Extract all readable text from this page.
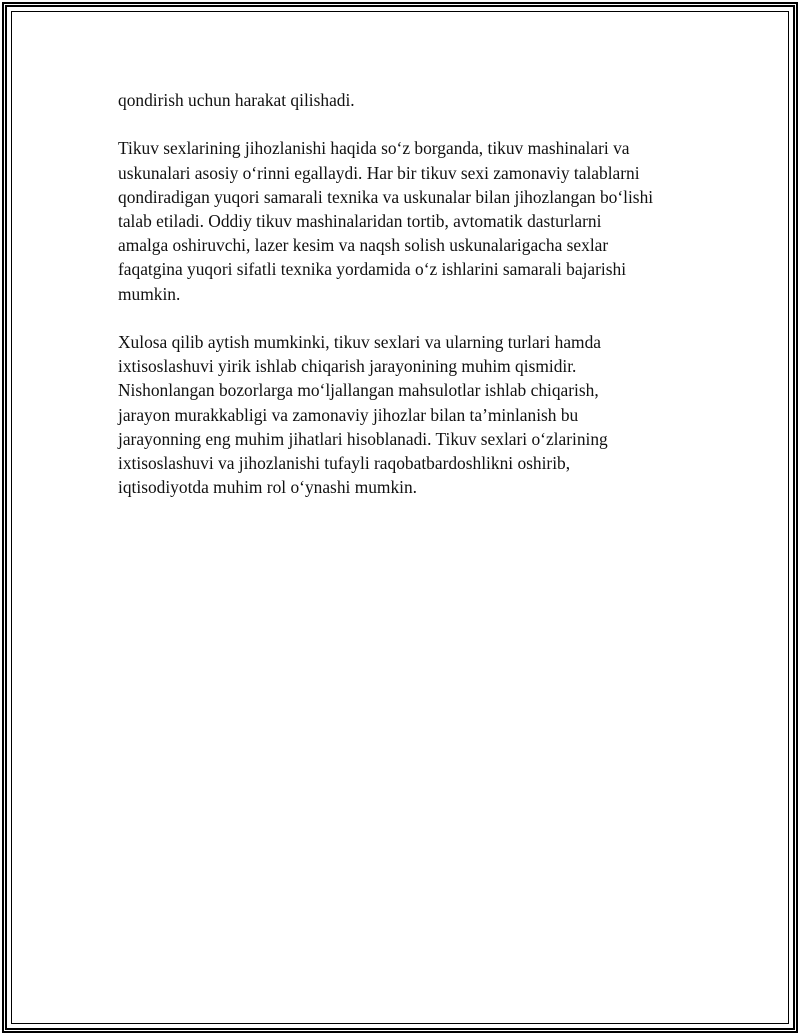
qondirish uchun harakat qilishadi.

Tikuv sexlarining jihozlanishi haqida so‘z borganda, tikuv mashinalari va
uskunalari asosiy o‘rinni egallaydi. Har bir tikuv sexi zamonaviy talablarni
qondiradigan yuqori samarali texnika va uskunalar bilan jihozlangan bo‘lishi
talab etiladi. Oddiy tikuv mashinalaridan tortib, avtomatik dasturlarni
amalga oshiruvchi, lazer kesim va naqsh solish uskunalarigacha sexlar
faqatgina yuqori sifatli texnika yordamida o‘z ishlarini samarali bajarishi
mumkin.

Xulosa qilib aytish mumkinki, tikuv sexlari va ularning turlari hamda
ixtisoslashuvi yirik ishlab chiqarish jarayonining muhim qismidir.
Nishonlangan bozorlarga mo‘ljallangan mahsulotlar ishlab chiqarish,
jarayon murakkabligi va zamonaviy jihozlar bilan ta’minlanish bu
jarayonning eng muhim jihatlari hisoblanadi. Tikuv sexlari o‘zlarining
ixtisoslashuvi va jihozlanishi tufayli raqobatbardoshlikni oshirib,
iqtisodiyotda muhim rol o‘ynashi mumkin.
